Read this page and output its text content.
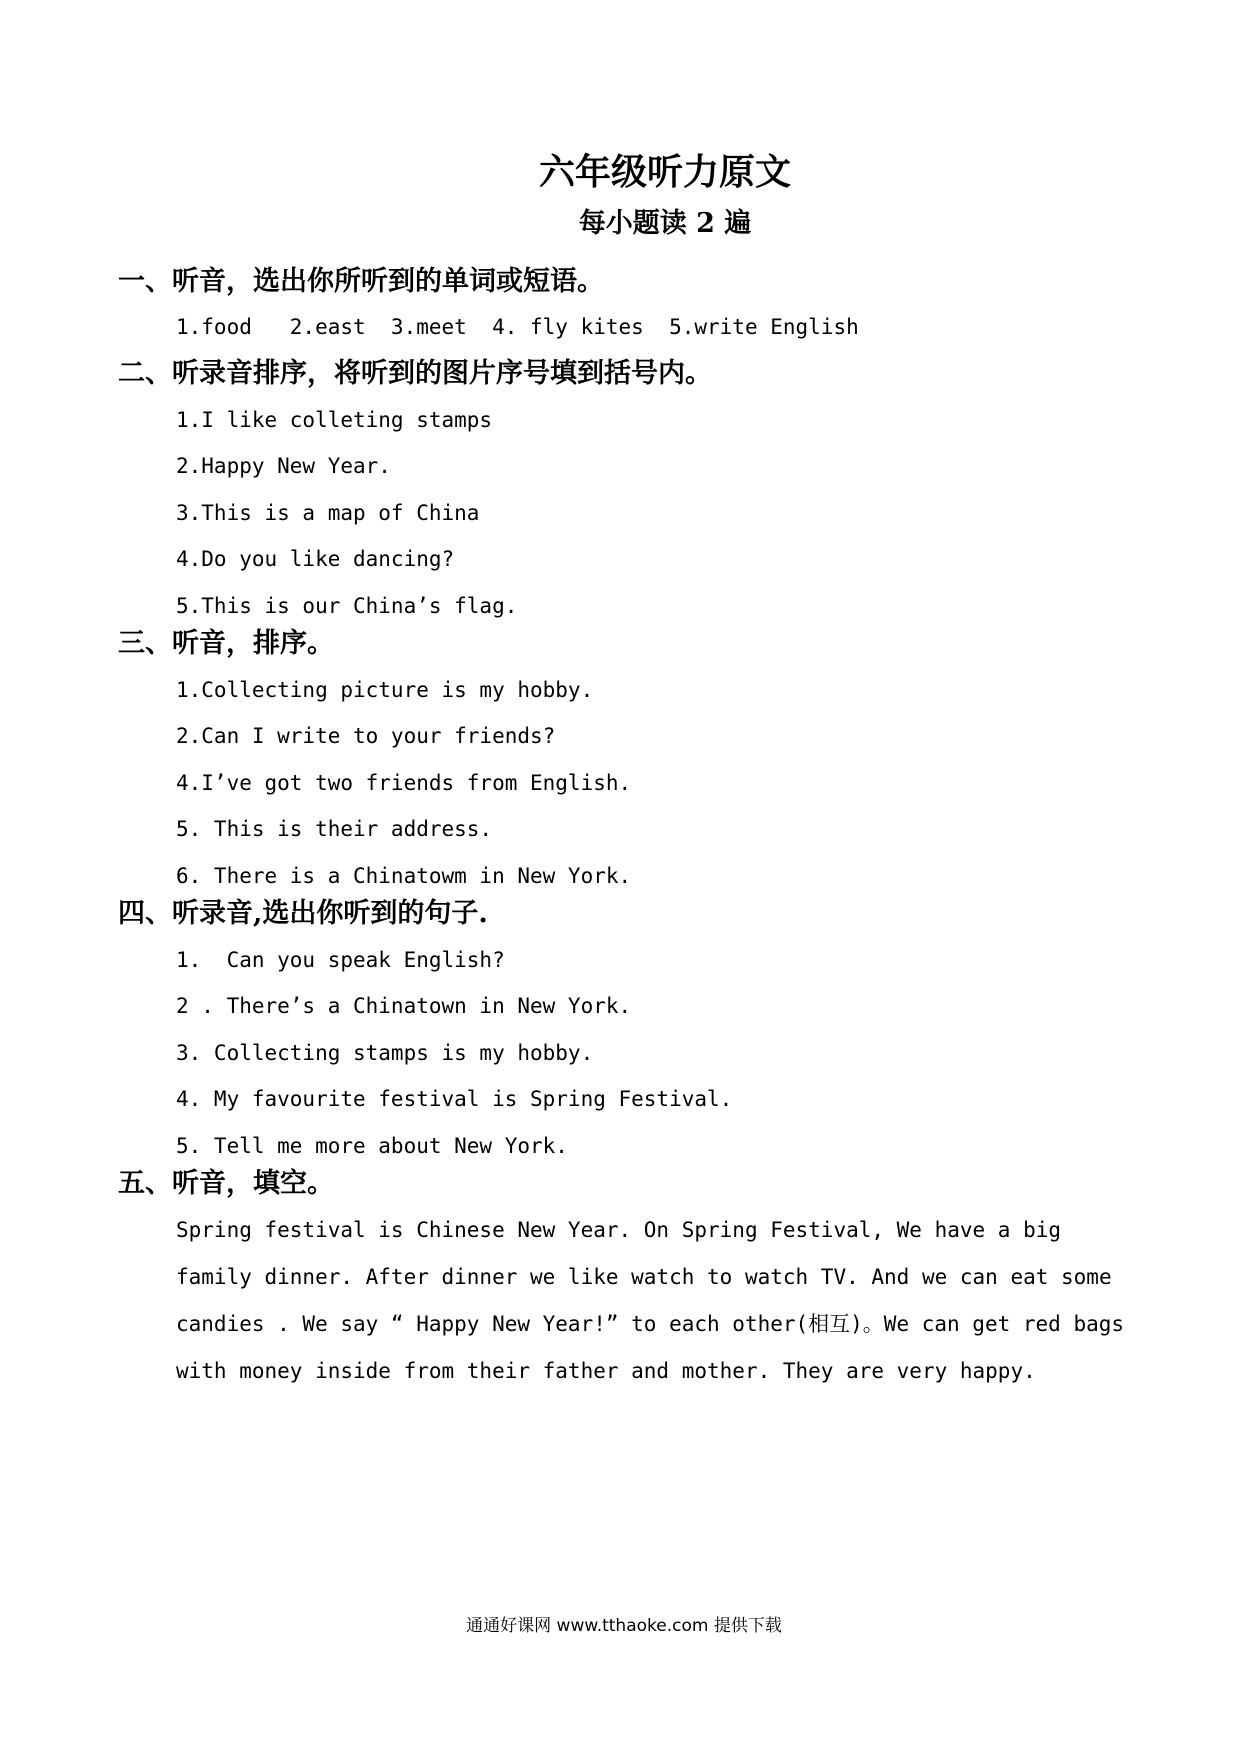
六年级听力原文
每小题读 2 遍
一、听音，选出你所听到的单词或短语。
1.food   2.east  3.meet  4. fly kites  5.write English
二、听录音排序，将听到的图片序号填到括号内。
1.I like colleting stamps
2.Happy New Year.
3.This is a map of China
4.Do you like dancing?
5.This is our China’s flag.
三、听音，排序。
1.Collecting picture is my hobby.
2.Can I write to your friends?
4.I’ve got two friends from English.
5. This is their address.
6. There is a Chinatowm in New York.
四、听录音,选出你听到的句子.
1.  Can you speak English?
2 . There’s a Chinatown in New York.
3. Collecting stamps is my hobby.
4. My favourite festival is Spring Festival.
5. Tell me more about New York.
五、听音，填空。
Spring festival is Chinese New Year. On Spring Festival, We have a big
family dinner. After dinner we like watch to watch TV. And we can eat some
candies . We say “ Happy New Year!” to each other(相互)。We can get red bags
with money inside from their father and mother. They are very happy.
通通好课网 www.tthaoke.com 提供下载
